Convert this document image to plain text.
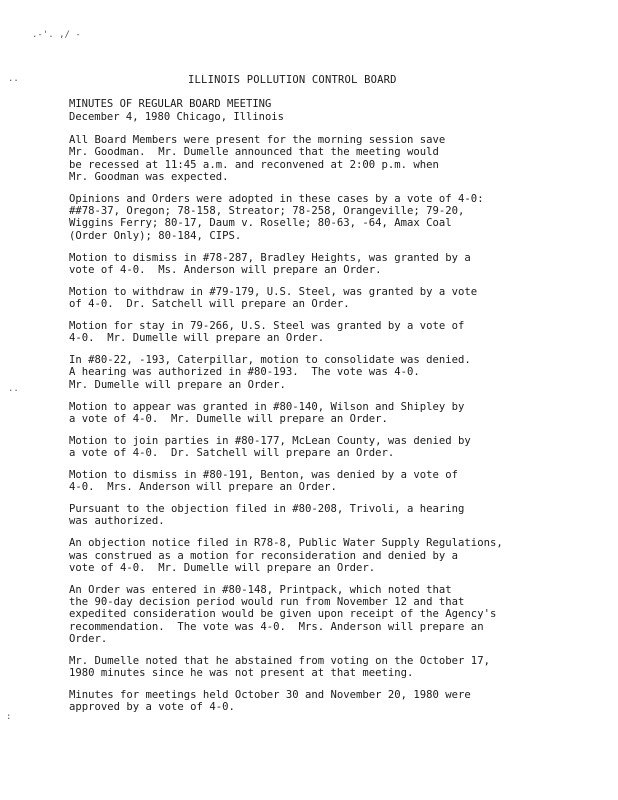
.-'. ,/ -
..
..
:
ILLINOIS POLLUTION CONTROL BOARD
MINUTES OF REGULAR BOARD MEETING
December 4, 1980 Chicago, Illinois
All Board Members were present for the morning session save
Mr. Goodman.  Mr. Dumelle announced that the meeting would
be recessed at 11:45 a.m. and reconvened at 2:00 p.m. when
Mr. Goodman was expected.
Opinions and Orders were adopted in these cases by a vote of 4-0:
##78-37, Oregon; 78-158, Streator; 78-258, Orangeville; 79-20,
Wiggins Ferry; 80-17, Daum v. Roselle; 80-63, -64, Amax Coal
(Order Only); 80-184, CIPS.
Motion to dismiss in #78-287, Bradley Heights, was granted by a
vote of 4-0.  Ms. Anderson will prepare an Order.
Motion to withdraw in #79-179, U.S. Steel, was granted by a vote
of 4-0.  Dr. Satchell will prepare an Order.
Motion for stay in 79-266, U.S. Steel was granted by a vote of
4-0.  Mr. Dumelle will prepare an Order.
In #80-22, -193, Caterpillar, motion to consolidate was denied.
A hearing was authorized in #80-193.  The vote was 4-0.
Mr. Dumelle will prepare an Order.
Motion to appear was granted in #80-140, Wilson and Shipley by
a vote of 4-0.  Mr. Dumelle will prepare an Order.
Motion to join parties in #80-177, McLean County, was denied by
a vote of 4-0.  Dr. Satchell will prepare an Order.
Motion to dismiss in #80-191, Benton, was denied by a vote of
4-0.  Mrs. Anderson will prepare an Order.
Pursuant to the objection filed in #80-208, Trivoli, a hearing
was authorized.
An objection notice filed in R78-8, Public Water Supply Regulations,
was construed as a motion for reconsideration and denied by a
vote of 4-0.  Mr. Dumelle will prepare an Order.
An Order was entered in #80-148, Printpack, which noted that
the 90-day decision period would run from November 12 and that
expedited consideration would be given upon receipt of the Agency's
recommendation.  The vote was 4-0.  Mrs. Anderson will prepare an
Order.
Mr. Dumelle noted that he abstained from voting on the October 17,
1980 minutes since he was not present at that meeting.
Minutes for meetings held October 30 and November 20, 1980 were
approved by a vote of 4-0.
